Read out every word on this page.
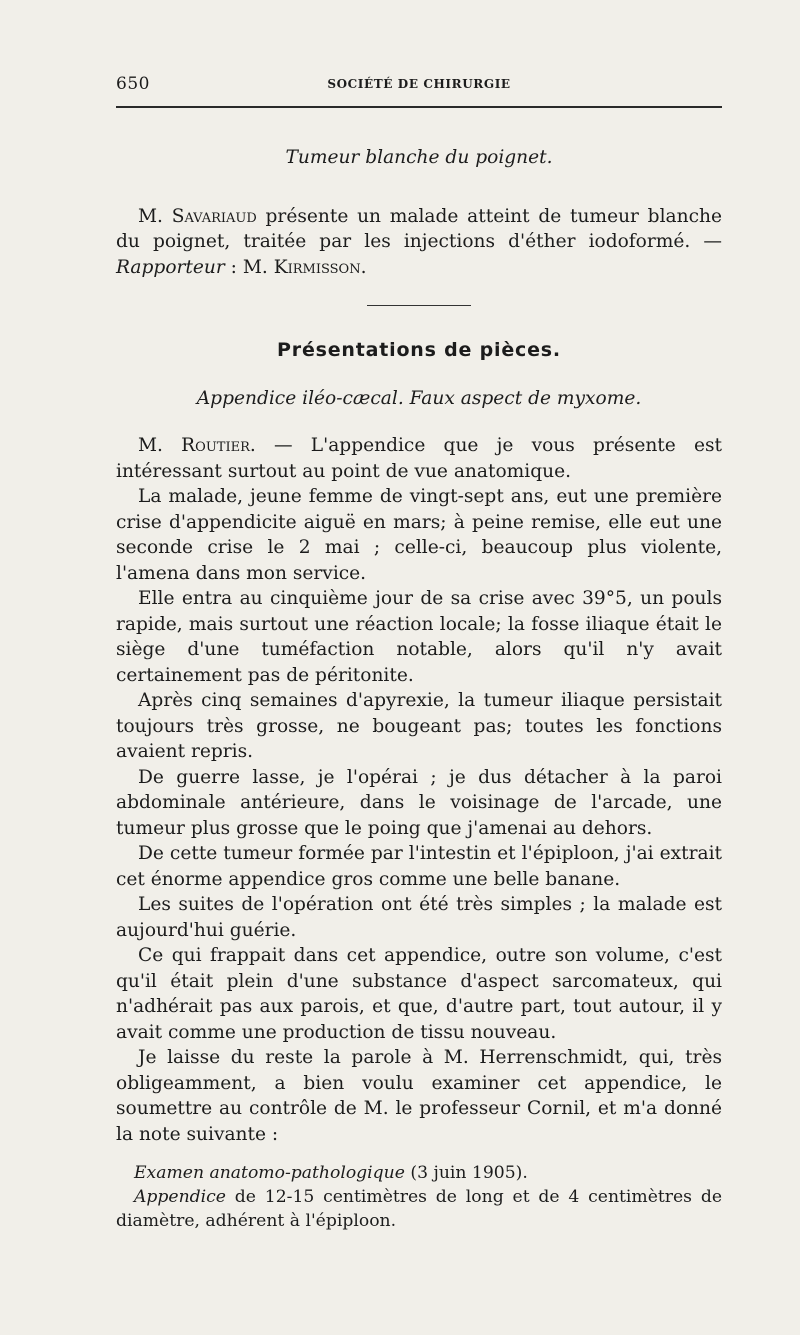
650	SOCIÉTÉ DE CHIRURGIE
Tumeur blanche du poignet.

M. Savariaud présente un malade atteint de tumeur blanche du poignet, traitée par les injections d'éther iodoformé. — Rapporteur : M. Kirmisson.

Présentations de pièces.
Appendice iléo-cæcal. Faux aspect de myxome.

M. Routier. — L'appendice que je vous présente est intéressant surtout au point de vue anatomique.

La malade, jeune femme de vingt-sept ans, eut une première crise d'appendicite aiguë en mars; à peine remise, elle eut une seconde crise le 2 mai ; celle-ci, beaucoup plus violente, l'amena dans mon service.

Elle entra au cinquième jour de sa crise avec 39°5, un pouls rapide, mais surtout une réaction locale; la fosse iliaque était le siège d'une tuméfaction notable, alors qu'il n'y avait certainement pas de péritonite.

Après cinq semaines d'apyrexie, la tumeur iliaque persistait toujours très grosse, ne bougeant pas; toutes les fonctions avaient repris.

De guerre lasse, je l'opérai ; je dus détacher à la paroi abdominale antérieure, dans le voisinage de l'arcade, une tumeur plus grosse que le poing que j'amenai au dehors.

De cette tumeur formée par l'intestin et l'épiploon, j'ai extrait cet énorme appendice gros comme une belle banane.

Les suites de l'opération ont été très simples ; la malade est aujourd'hui guérie.

Ce qui frappait dans cet appendice, outre son volume, c'est qu'il était plein d'une substance d'aspect sarcomateux, qui n'adhérait pas aux parois, et que, d'autre part, tout autour, il y avait comme une production de tissu nouveau.

Je laisse du reste la parole à M. Herrenschmidt, qui, très obligeamment, a bien voulu examiner cet appendice, le soumettre au contrôle de M. le professeur Cornil, et m'a donné la note suivante :

Examen anatomo-pathologique (3 juin 1905).

Appendice de 12-15 centimètres de long et de 4 centimètres de diamètre, adhérent à l'épiploon.
